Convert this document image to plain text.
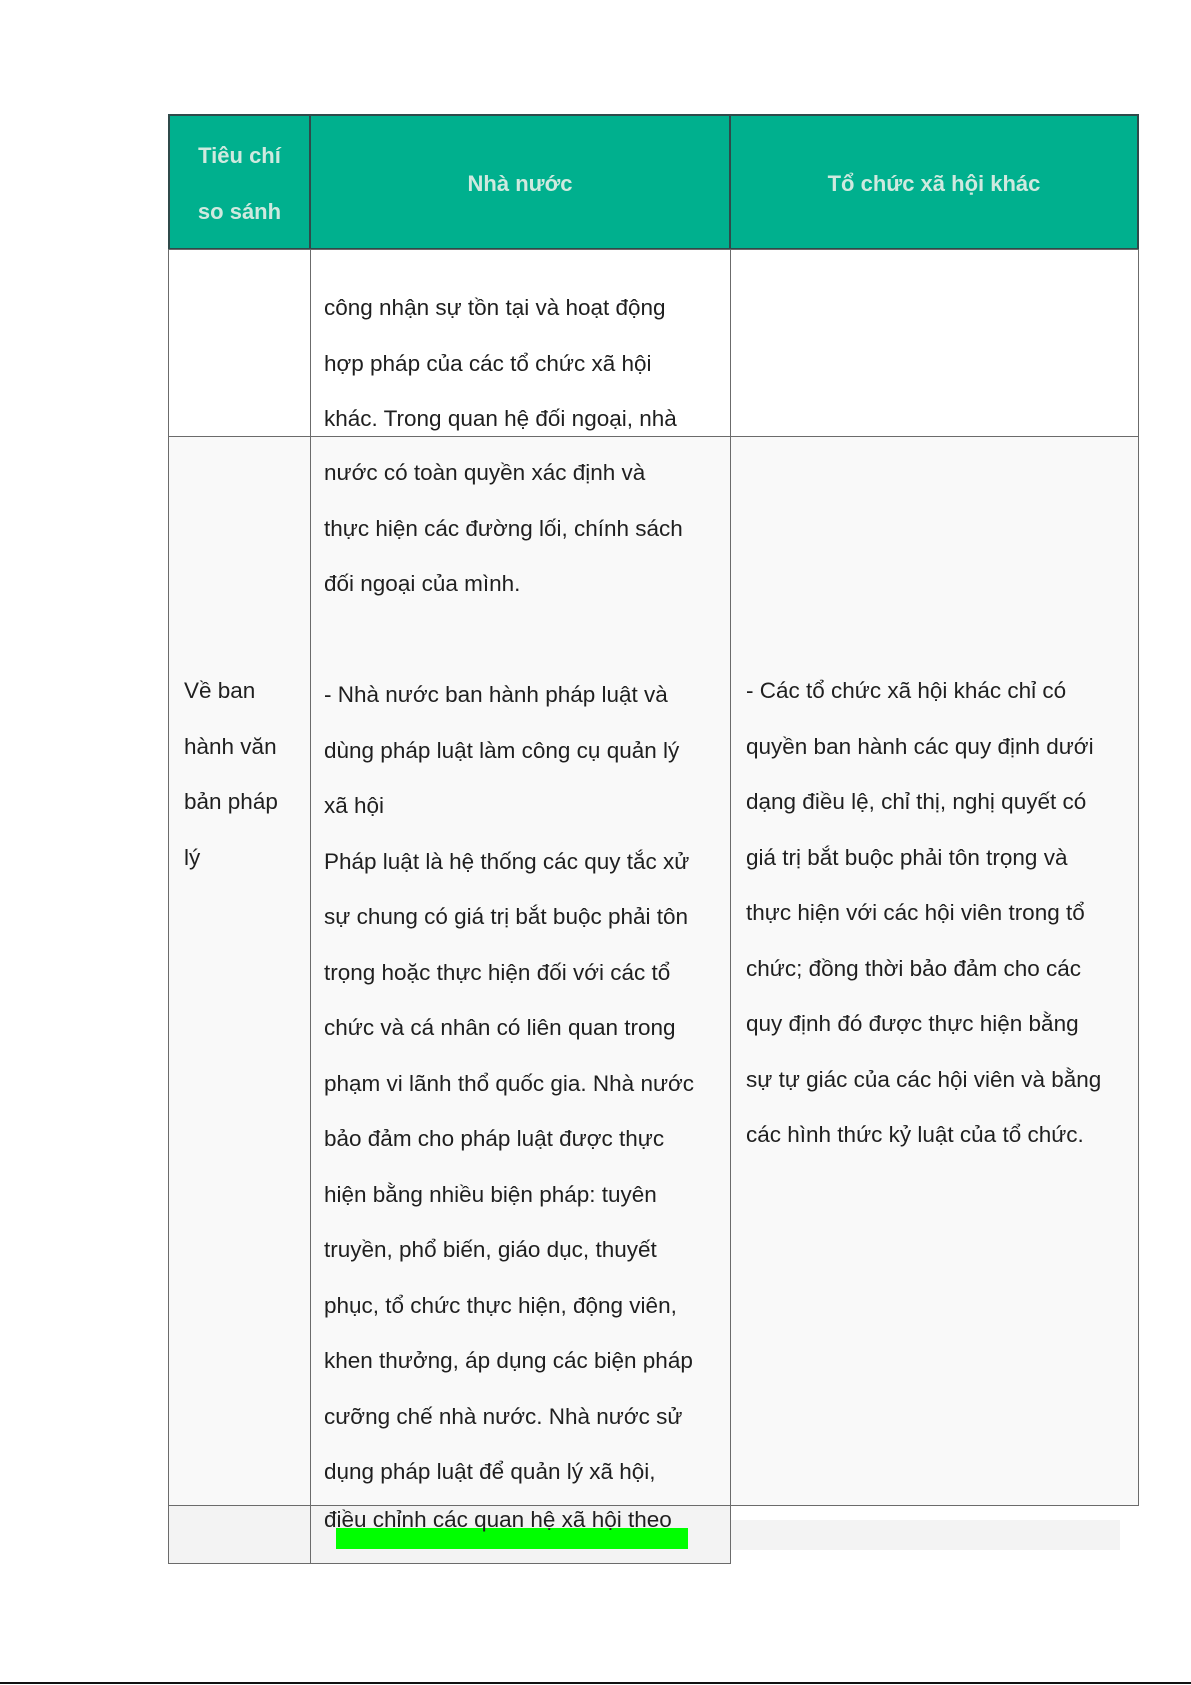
Tiêu chí
so sánh
Nhà nước	Tổ chức xã hội khác
công nhận sự tồn tại và hoạt động
hợp pháp của các tổ chức xã hội
khác. Trong quan hệ đối ngoại, nhà
Về ban
hành văn
bản pháp
lý
nước có toàn quyền xác định và
thực hiện các đường lối, chính sách
đối ngoại của mình.
- Nhà nước ban hành pháp luật và
dùng pháp luật làm công cụ quản lý
xã hội
Pháp luật là hệ thống các quy tắc xử
sự chung có giá trị bắt buộc phải tôn
trọng hoặc thực hiện đối với các tổ
chức và cá nhân có liên quan trong
phạm vi lãnh thổ quốc gia. Nhà nước
bảo đảm cho pháp luật được thực
hiện bằng nhiều biện pháp: tuyên
truyền, phổ biến, giáo dục, thuyết
phục, tổ chức thực hiện, động viên,
khen thưởng, áp dụng các biện pháp
cưỡng chế nhà nước. Nhà nước sử
dụng pháp luật để quản lý xã hội,
- Các tổ chức xã hội khác chỉ có
quyền ban hành các quy định dưới
dạng điều lệ, chỉ thị, nghị quyết có
giá trị bắt buộc phải tôn trọng và
thực hiện với các hội viên trong tổ
chức; đồng thời bảo đảm cho các
quy định đó được thực hiện bằng
sự tự giác của các hội viên và bằng
các hình thức kỷ luật của tổ chức.
điều chỉnh các quan hệ xã hội theo
